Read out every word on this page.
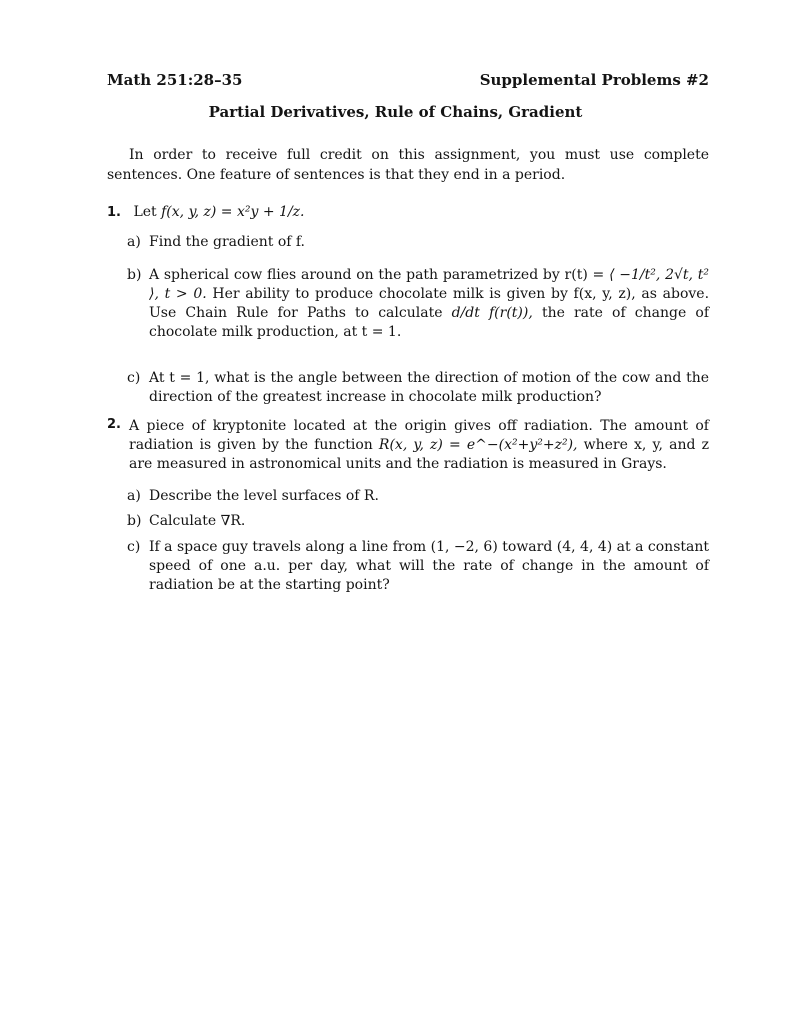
Math 251:28–35	Supplemental Problems #2
Partial Derivatives, Rule of Chains, Gradient
In order to receive full credit on this assignment, you must use complete sentences. One feature of sentences is that they end in a period.
1. Let f(x, y, z) = x²y + 1/z.
a) Find the gradient of f.
b) A spherical cow flies around on the path parametrized by r(t) = ⟨ −1/t², 2√t, t² ⟩, t > 0. Her ability to produce chocolate milk is given by f(x, y, z), as above. Use Chain Rule for Paths to calculate d/dt f(r(t)), the rate of change of chocolate milk production, at t = 1.
c) At t = 1, what is the angle between the direction of motion of the cow and the direction of the greatest increase in chocolate milk production?
2. A piece of kryptonite located at the origin gives off radiation. The amount of radiation is given by the function R(x, y, z) = e^−(x²+y²+z²), where x, y, and z are measured in astronomical units and the radiation is measured in Grays.
a) Describe the level surfaces of R.
b) Calculate ∇R.
c) If a space guy travels along a line from (1, −2, 6) toward (4, 4, 4) at a constant speed of one a.u. per day, what will the rate of change in the amount of radiation be at the starting point?
